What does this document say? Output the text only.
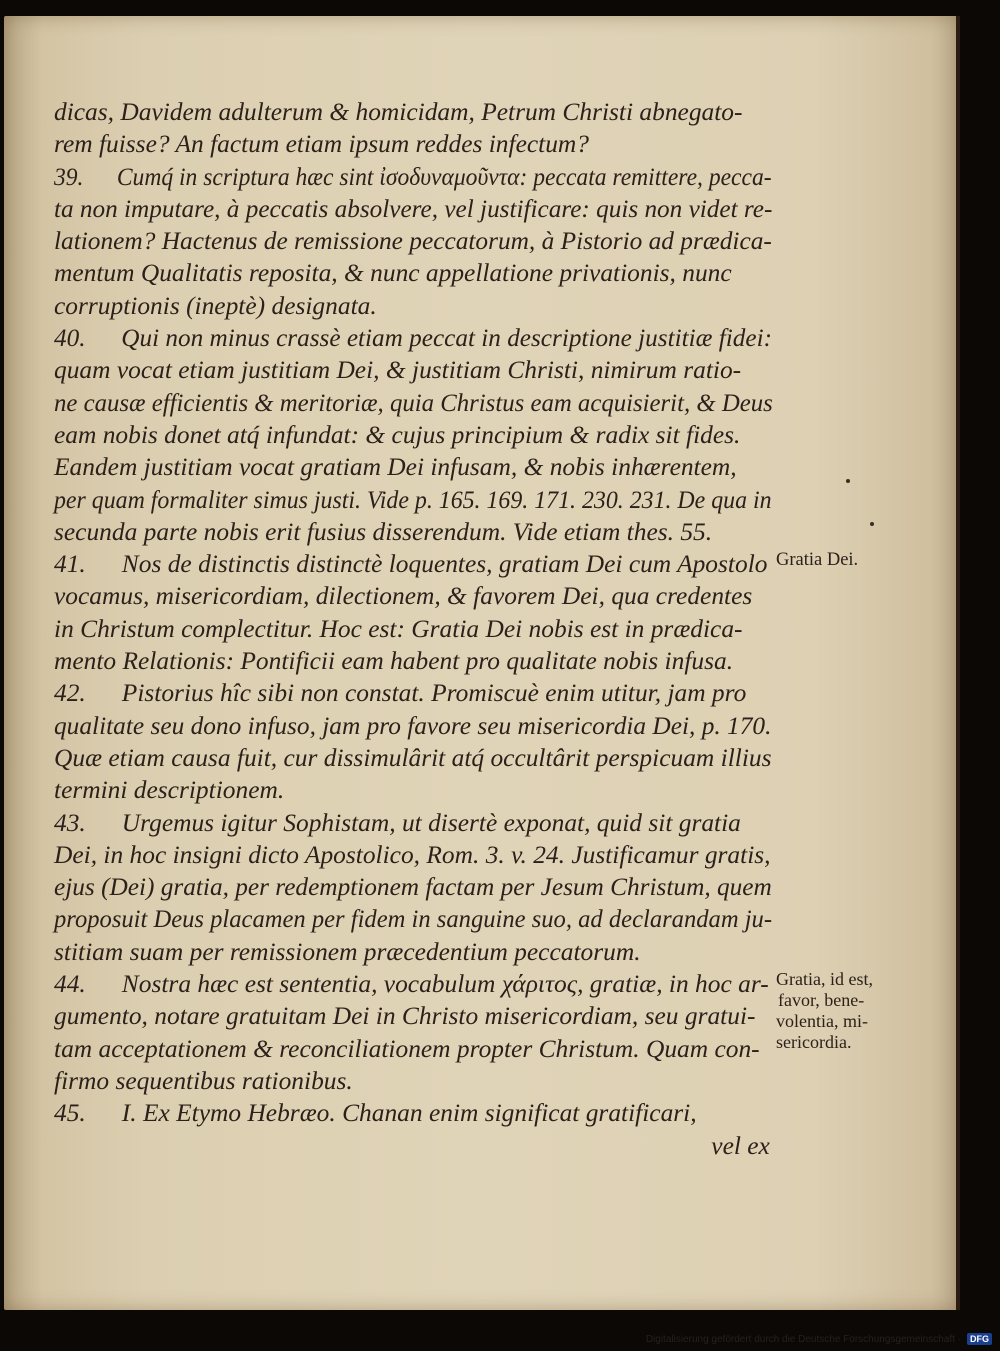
dicas, Davidem adulterum & homicidam, Petrum Christi abnegato-
rem fuisse? An factum etiam ipsum reddes infectum?
39. Cumq́ in scriptura hæc sint ἰσοδυναμοῦντα: peccata remittere, pecca-
ta non imputare, à peccatis absolvere, vel justificare: quis non videt re-
lationem? Hactenus de remissione peccatorum, à Pistorio ad prædica-
mentum Qualitatis reposita, & nunc appellatione privationis, nunc
corruptionis (ineptè) designata.
40. Qui non minus crassè etiam peccat in descriptione justitiæ fidei:
quam vocat etiam justitiam Dei, & justitiam Christi, nimirum ratio-
ne causæ efficientis & meritoriæ, quia Christus eam acquisierit, & Deus
eam nobis donet atq́ infundat: & cujus principium & radix sit fides.
Eandem justitiam vocat gratiam Dei infusam, & nobis inhærentem,
per quam formaliter simus justi. Vide p. 165. 169. 171. 230. 231. De qua in
secunda parte nobis erit fusius disserendum. Vide etiam thes. 55.
41. Nos de distinctis distinctè loquentes, gratiam Dei cum Apostolo
vocamus, misericordiam, dilectionem, & favorem Dei, qua credentes
in Christum complectitur. Hoc est: Gratia Dei nobis est in prædica-
mento Relationis: Pontificii eam habent pro qualitate nobis infusa.
42. Pistorius hîc sibi non constat. Promiscuè enim utitur, jam pro
qualitate seu dono infuso, jam pro favore seu misericordia Dei, p. 170.
Quæ etiam causa fuit, cur dissimulârit atq́ occultârit perspicuam illius
termini descriptionem.
43. Urgemus igitur Sophistam, ut disertè exponat, quid sit gratia
Dei, in hoc insigni dicto Apostolico, Rom. 3. v. 24. Justificamur gratis,
ejus (Dei) gratia, per redemptionem factam per Jesum Christum, quem
proposuit Deus placamen per fidem in sanguine suo, ad declarandam ju-
stitiam suam per remissionem præcedentium peccatorum.
44. Nostra hæc est sententia, vocabulum χάριτος, gratiæ, in hoc ar-
gumento, notare gratuitam Dei in Christo misericordiam, seu gratui-
tam acceptationem & reconciliationem propter Christum. Quam con-
firmo sequentibus rationibus.
45. I. Ex Etymo Hebræo. Chanan enim significat gratificari,
vel ex
Gratia Dei.
Gratia, id est,
favor, bene-
volentia, mi-
sericordia.
Digitalisierung gefördert durch die Deutsche Forschungsgemeinschaft ·	DFG
